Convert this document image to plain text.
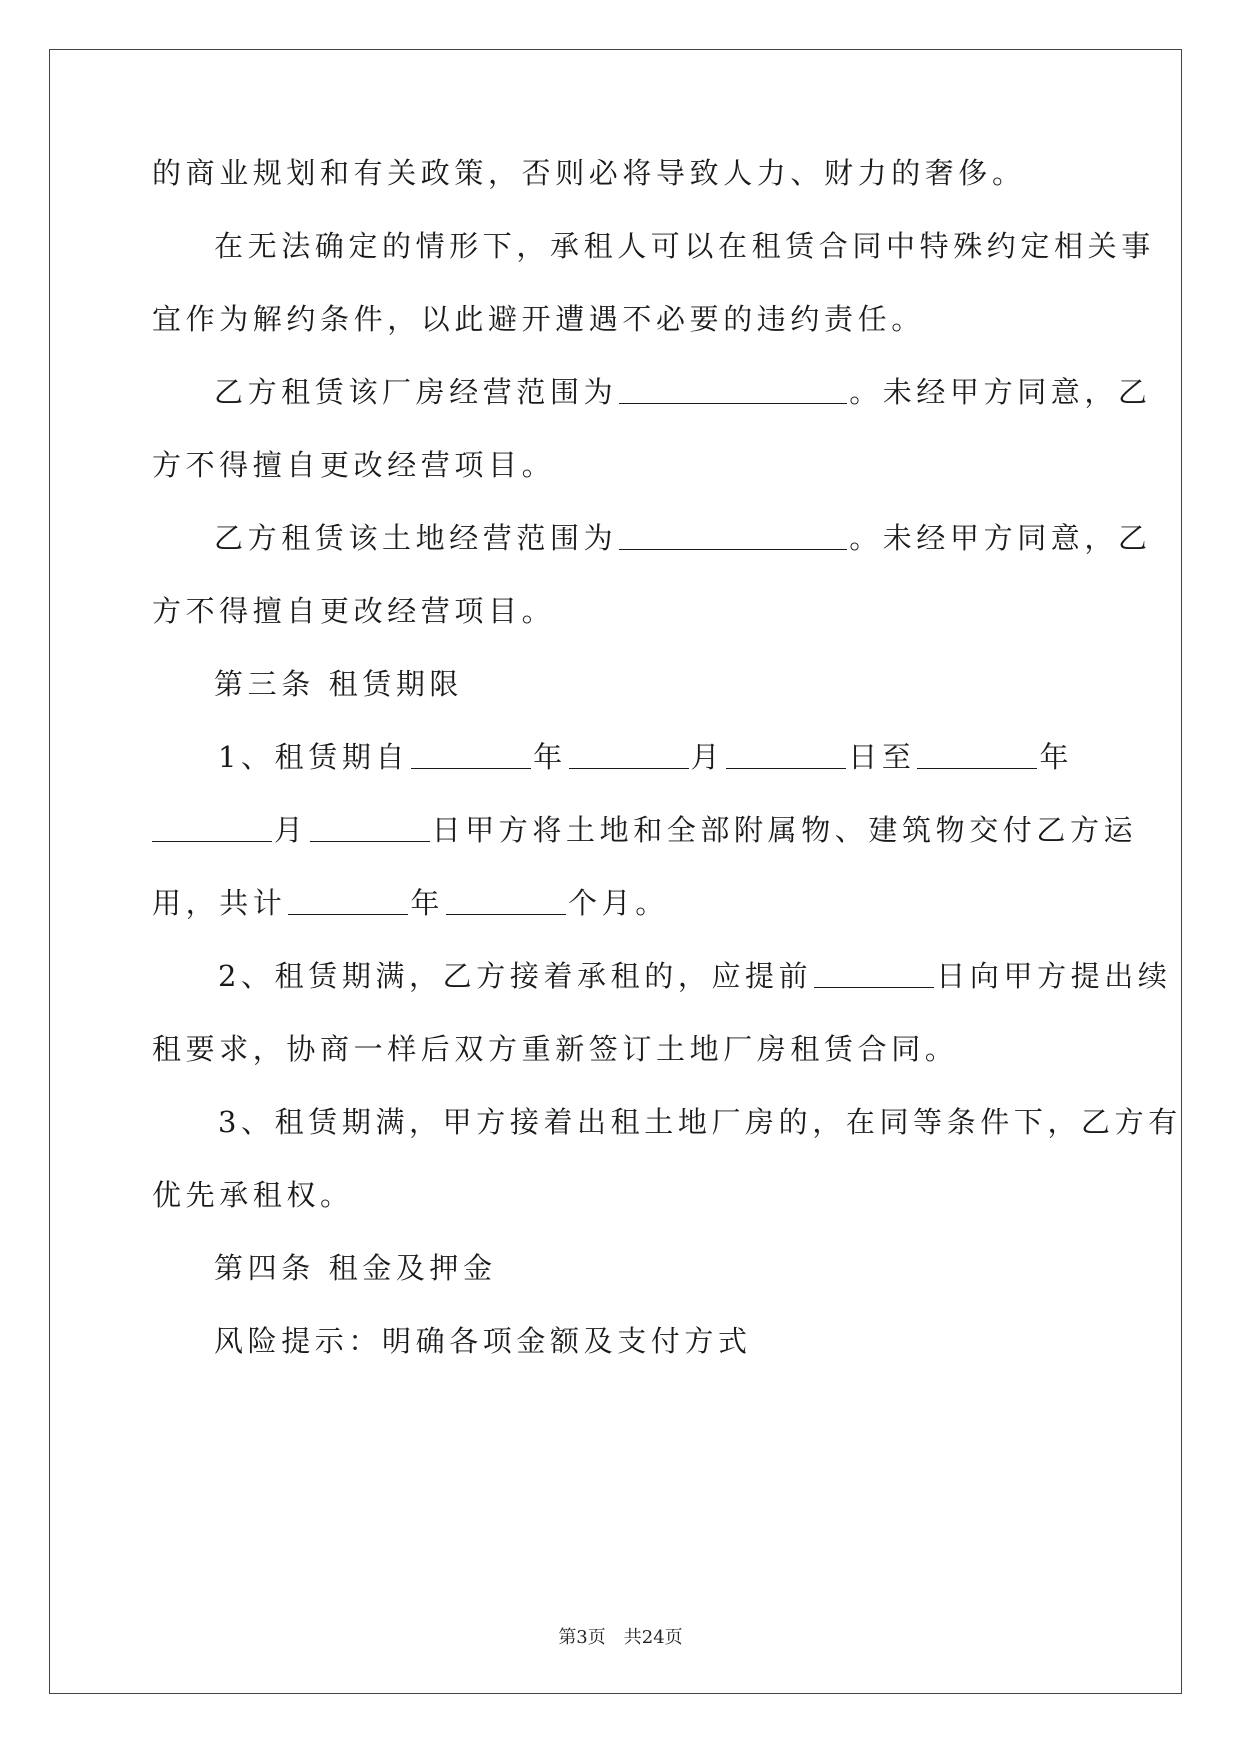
的商业规划和有关政策，否则必将导致人力、财力的奢侈。
在无法确定的情形下，承租人可以在租赁合同中特殊约定相关事
宜作为解约条件，以此避开遭遇不必要的违约责任。
乙方租赁该厂房经营范围为	。未经甲方同意，乙
方不得擅自更改经营项目。
乙方租赁该土地经营范围为	。未经甲方同意，乙
方不得擅自更改经营项目。
第三条 租赁期限
1、租赁期自	年	月	日至	年
月	日甲方将土地和全部附属物、建筑物交付乙方运
用，共计	年	个月。
2、租赁期满，乙方接着承租的，应提前	日向甲方提出续
租要求，协商一样后双方重新签订土地厂房租赁合同。
3、租赁期满，甲方接着出租土地厂房的，在同等条件下，乙方有
优先承租权。
第四条 租金及押金
风险提示：明确各项金额及支付方式
第3页 共24页
